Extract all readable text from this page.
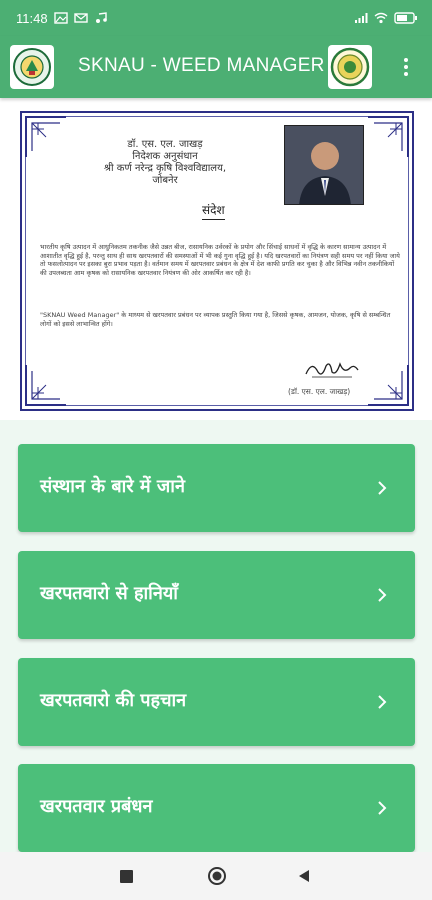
11:48
SKNAU - WEED MANAGER
डॉ. एस. एल. जाखड़
निदेशक अनुसंधान
श्री कर्ण नरेन्द्र कृषि विश्वविद्यालय,
जोबनेर
संदेश
भारतीय कृषि उत्पादन में आधुनिकतम तकनीक जैसे उन्नत बीज, रासायनिक उर्वरकों के प्रयोग और सिंचाई साधनों में वृद्धि के कारण सामान्य उत्पादन में आशातीत वृद्धि हुई है, परन्तु साथ ही साथ खरपतवारों की समस्याओं में भी कई गुना वृद्धि हुई है। यदि खरपतवारों का नियंत्रण सही समय पर नहीं किया जाये तो फसलोत्पादन पर इसका बुरा प्रभाव पड़ता है। वर्तमान समय में खरपतवार प्रबंधन के क्षेत्र में देश काफी प्रगति कर चुका है और विभिन्न नवीन तकनीकियों की उपलब्धता आम कृषक को रासायनिक खरपतवार नियंत्रण की ओर आकर्षित कर रही है।
"SKNAU Weed Manager" के माध्यम से खरपतवार प्रबंधन पर व्यापक प्रस्तुति किया गया है, जिससे कृषक, आमजन, योजक, कृषि से सम्बन्धित लोगों को इससे लाभान्वित होंगे।
(डॉ. एस. एल. जाखड़)
संस्थान के बारे में जाने
खरपतवारो से हानियाँ
खरपतवारो की पहचान
खरपतवार प्रबंधन
